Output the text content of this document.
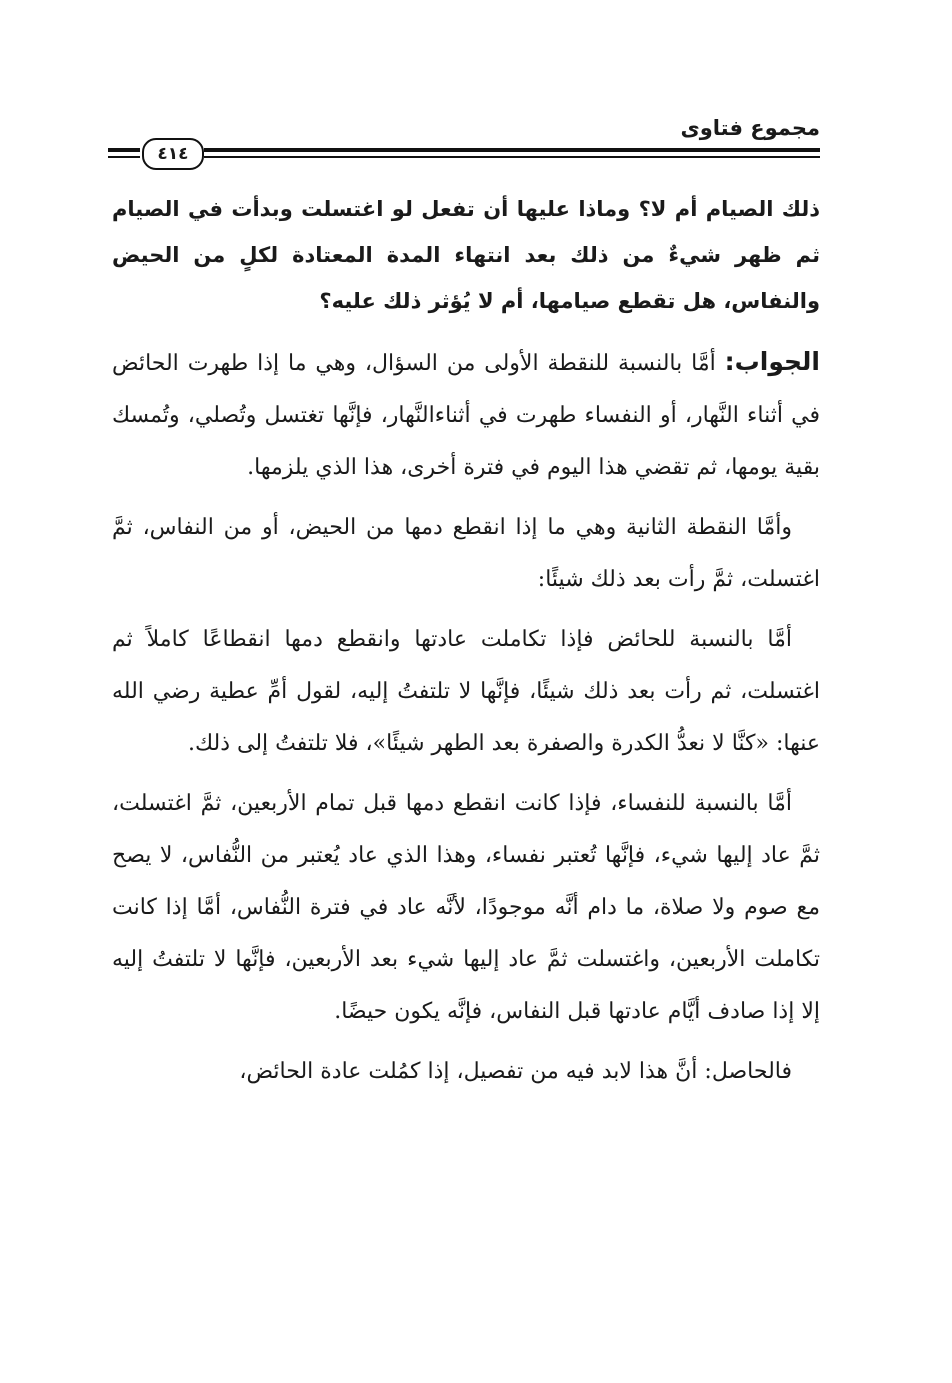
مجموع فتاوى
٤١٤

ذلك الصيام أم لا؟ وماذا عليها أن تفعل لو اغتسلت وبدأت في الصيام ثم ظهر شيءٌ من ذلك بعد انتهاء المدة المعتادة لكلٍ من الحيض والنفاس، هل تقطع صيامها، أم لا يُؤثر ذلك عليه؟

الجواب: أمَّا بالنسبة للنقطة الأولى من السؤال، وهي ما إذا طهرت الحائض في أثناء النَّهار، أو النفساء طهرت في أثناءالنَّهار، فإنَّها تغتسل وتُصلي، وتُمسك بقية يومها، ثم تقضي هذا اليوم في فترة أخرى، هذا الذي يلزمها.

وأمَّا النقطة الثانية وهي ما إذا انقطع دمها من الحيض، أو من النفاس، ثمَّ اغتسلت، ثمَّ رأت بعد ذلك شيئًا:

أمَّا بالنسبة للحائض فإذا تكاملت عادتها وانقطع دمها انقطاعًا كاملاً ثم اغتسلت، ثم رأت بعد ذلك شيئًا، فإنَّها لا تلتفتُ إليه، لقول أمِّ عطية رضي الله عنها: «كنَّا لا نعدُّ الكدرة والصفرة بعد الطهر شيئًا»، فلا تلتفتُ إلى ذلك.

أمَّا بالنسبة للنفساء، فإذا كانت انقطع دمها قبل تمام الأربعين، ثمَّ اغتسلت، ثمَّ عاد إليها شيء، فإنَّها تُعتبر نفساء، وهذا الذي عاد يُعتبر من النُّفاس، لا يصح مع صوم ولا صلاة، ما دام أنَّه موجودًا، لأنَّه عاد في فترة النُّفاس، أمَّا إذا كانت تكاملت الأربعين، واغتسلت ثمَّ عاد إليها شيء بعد الأربعين، فإنَّها لا تلتفتُ إليه إلا إذا صادف أيَّام عادتها قبل النفاس، فإنَّه يكون حيضًا.

فالحاصل: أنَّ هذا لابد فيه من تفصيل، إذا كمُلت عادة الحائض،
